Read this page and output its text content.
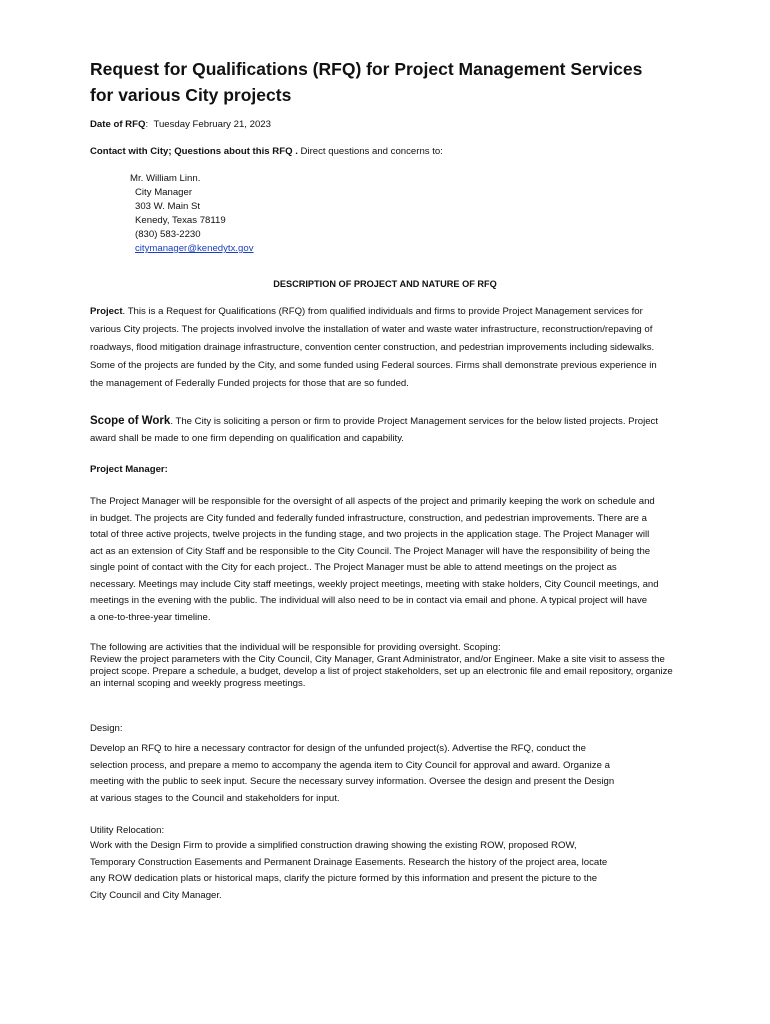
Request for Qualifications (RFQ) for Project Management Services
for various City projects
Date of RFQ: Tuesday February 21, 2023
Contact with City; Questions about this RFQ . Direct questions and concerns to:
Mr. William Linn.
City Manager
303 W. Main St
Kenedy, Texas 78119
(830) 583-2230
citymanager@kenedytx.gov
DESCRIPTION OF PROJECT AND NATURE OF RFQ

Project. This is a Request for Qualifications (RFQ) from qualified individuals and firms to provide Project Management services for

various City projects. The projects involved involve the installation of water and waste water infrastructure, reconstruction/repaving of

roadways, flood mitigation drainage infrastructure, convention center construction, and pedestrian improvements including sidewalks.

Some of the projects are funded by the City, and some funded using Federal sources. Firms shall demonstrate previous experience in

the management of Federally Funded projects for those that are so funded.

Scope of Work. The City is soliciting a person or firm to provide Project Management services for the below listed projects. Project

award shall be made to one firm depending on qualification and capability.

Project Manager:

The Project Manager will be responsible for the oversight of all aspects of the project and primarily keeping the work on schedule and

in budget. The projects are City funded and federally funded infrastructure, construction, and pedestrian improvements. There are a

total of three active projects, twelve projects in the funding stage, and two projects in the application stage. The Project Manager will

act as an extension of City Staff and be responsible to the City Council. The Project Manager will have the responsibility of being the

single point of contact with the City for each project.. The Project Manager must be able to attend meetings on the project as

necessary. Meetings may include City staff meetings, weekly project meetings, meeting with stake holders, City Council meetings, and

meetings in the evening with the public. The individual will also need to be in contact via email and phone. A typical project will have

a one-to-three-year timeline.

The following are activities that the individual will be responsible for providing oversight. Scoping:

Review the project parameters with the City Council, City Manager, Grant Administrator, and/or Engineer. Make a site visit to assess the

project scope. Prepare a schedule, a budget, develop a list of project stakeholders, set up an electronic file and email repository, organize

an internal scoping and weekly progress meetings.

Design:

Develop an RFQ to hire a necessary contractor for design of the unfunded project(s). Advertise the RFQ, conduct the

selection process, and prepare a memo to accompany the agenda item to City Council for approval and award. Organize a

meeting with the public to seek input. Secure the necessary survey information. Oversee the design and present the Design

at various stages to the Council and stakeholders for input.

Utility Relocation:

Work with the Design Firm to provide a simplified construction drawing showing the existing ROW, proposed ROW,

Temporary Construction Easements and Permanent Drainage Easements. Research the history of the project area, locate

any ROW dedication plats or historical maps, clarify the picture formed by this information and present the picture to the

City Council and City Manager.
